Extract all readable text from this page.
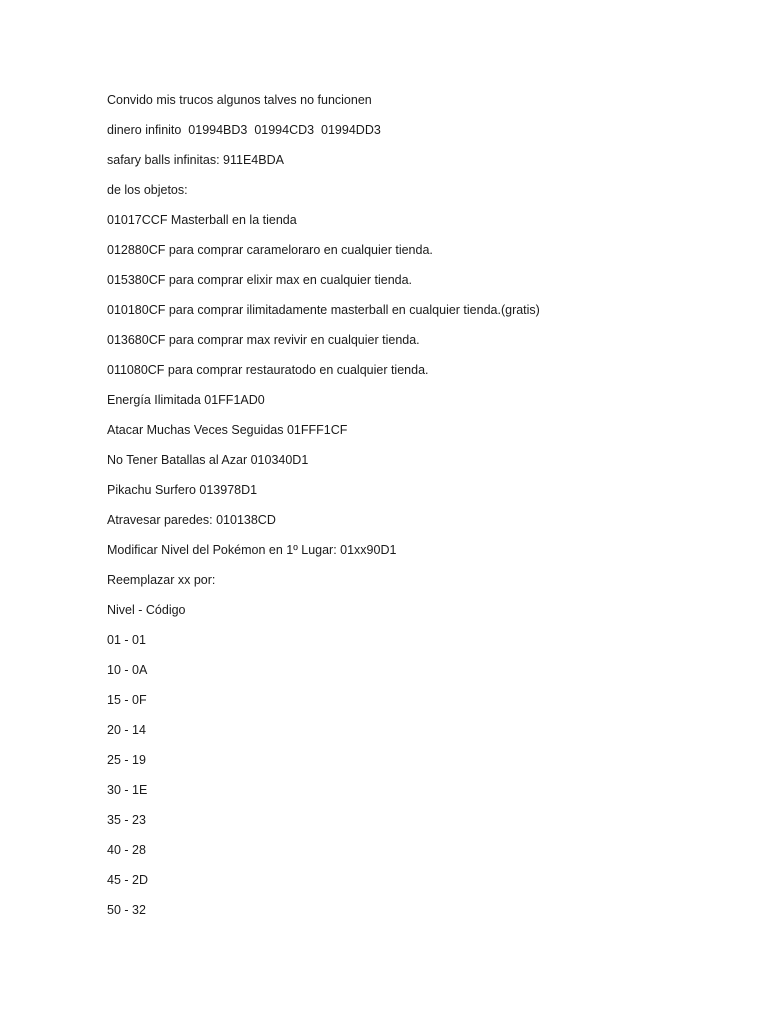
Convido mis trucos algunos talves no funcionen
dinero infinito  01994BD3  01994CD3  01994DD3
safary balls infinitas: 911E4BDA
de los objetos:
01017CCF Masterball en la tienda
012880CF para comprar carameloraro en cualquier tienda.
015380CF para comprar elixir max en cualquier tienda.
010180CF para comprar ilimitadamente masterball en cualquier tienda.(gratis)
013680CF para comprar max revivir en cualquier tienda.
011080CF para comprar restauratodo en cualquier tienda.
Energía Ilimitada 01FF1AD0
Atacar Muchas Veces Seguidas 01FFF1CF
No Tener Batallas al Azar 010340D1
Pikachu Surfero 013978D1
Atravesar paredes: 010138CD
Modificar Nivel del Pokémon en 1º Lugar: 01xx90D1
Reemplazar xx por:
Nivel - Código
01 - 01
10 - 0A
15 - 0F
20 - 14
25 - 19
30 - 1E
35 - 23
40 - 28
45 - 2D
50 - 32
